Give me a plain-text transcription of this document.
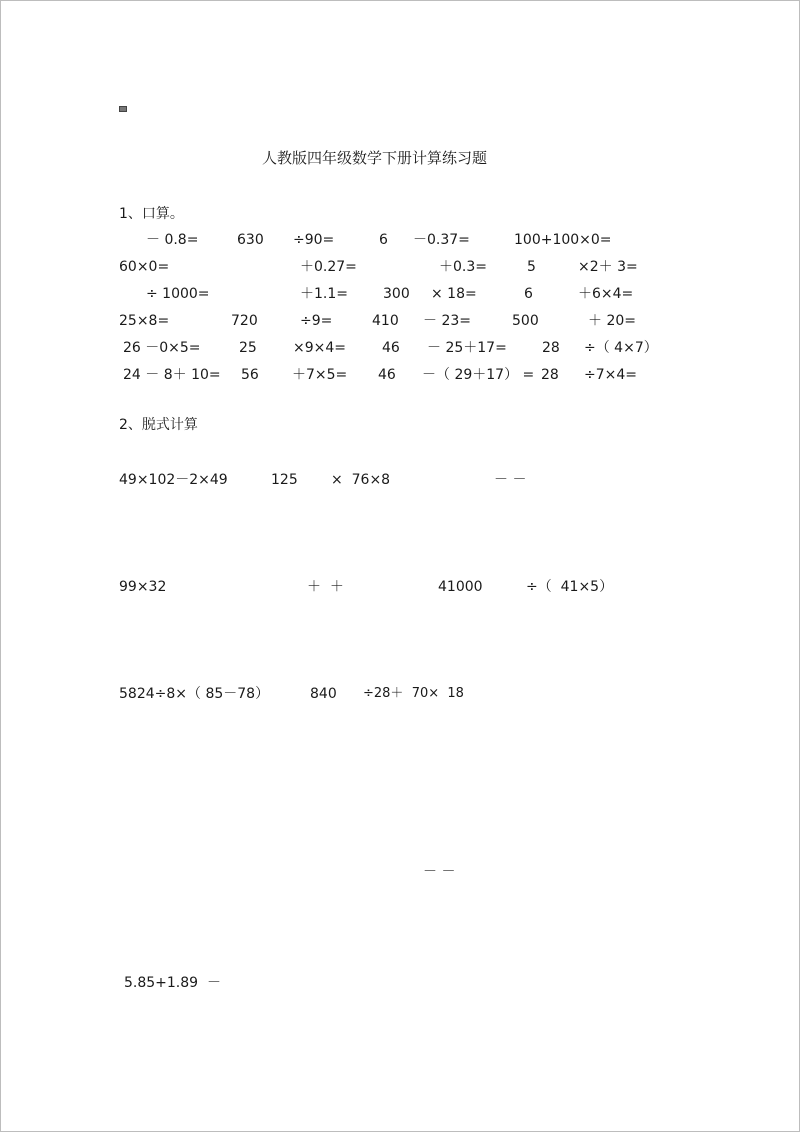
人教版四年级数学下册计算练习题
1、口算。
－ 0.8=	630 ÷90=	6 －0.37=	100+100×0=
60×0=	＋0.27=	＋0.3=	5	×2＋ 3=
÷ 1000=	＋1.1=	300 × 18=	6	＋6×4=
25×8=	720	÷9=	410 － 23=	500	＋ 20=
26 －0×5=	25	×9×4=	46 － 25＋17=	28 ÷（ 4×7）
24 － 8＋ 10= 56 ＋7×5= 46 －（ 29＋17） = 28 ÷7×4=
2、脱式计算
49×102－2×49	125 ×  76×8	－ －
99×32	＋  ＋	41000	÷（  41×5）
5824÷8×（ 85－78）	840 ÷28＋  70×  18
－ －
5.85+1.89  －
